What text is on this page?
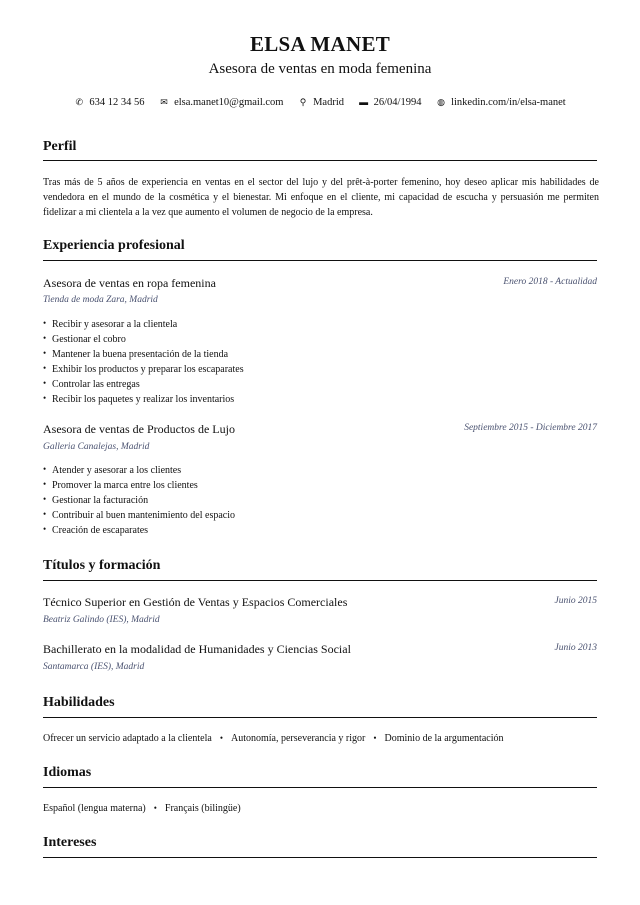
ELSA MANET
Asesora de ventas en moda femenina
✆ 634 12 34 56 ✉ elsa.manet10@gmail.com ⚲ Madrid ▬ 26/04/1994 ◍ linkedin.com/in/elsa-manet
Perfil
Tras más de 5 años de experiencia en ventas en el sector del lujo y del prêt-à-porter femenino, hoy deseo aplicar mis habilidades de vendedora en el mundo de la cosmética y el bienestar. Mi enfoque en el cliente, mi capacidad de escucha y persuasión me permiten fidelizar a mi clientela a la vez que aumento el volumen de negocio de la empresa.
Experiencia profesional
Asesora de ventas en ropa femenina	Enero 2018 - Actualidad
Tienda de moda Zara, Madrid
• Recibir y asesorar a la clientela
• Gestionar el cobro
• Mantener la buena presentación de la tienda
• Exhibir los productos y preparar los escaparates
• Controlar las entregas
• Recibir los paquetes y realizar los inventarios
Asesora de ventas de Productos de Lujo	Septiembre 2015 - Diciembre 2017
Galleria Canalejas, Madrid
• Atender y asesorar a los clientes
• Promover la marca entre los clientes
• Gestionar la facturación
• Contribuir al buen mantenimiento del espacio
• Creación de escaparates
Títulos y formación
Técnico Superior en Gestión de Ventas y Espacios Comerciales	Junio 2015
Beatriz Galindo (IES), Madrid
Bachillerato en la modalidad de Humanidades y Ciencias Social	Junio 2013
Santamarca (IES), Madrid
Habilidades
Ofrecer un servicio adaptado a la clientela • Autonomía, perseverancia y rigor • Dominio de la argumentación
Idiomas
Español (lengua materna) • Français (bilingüe)
Intereses
